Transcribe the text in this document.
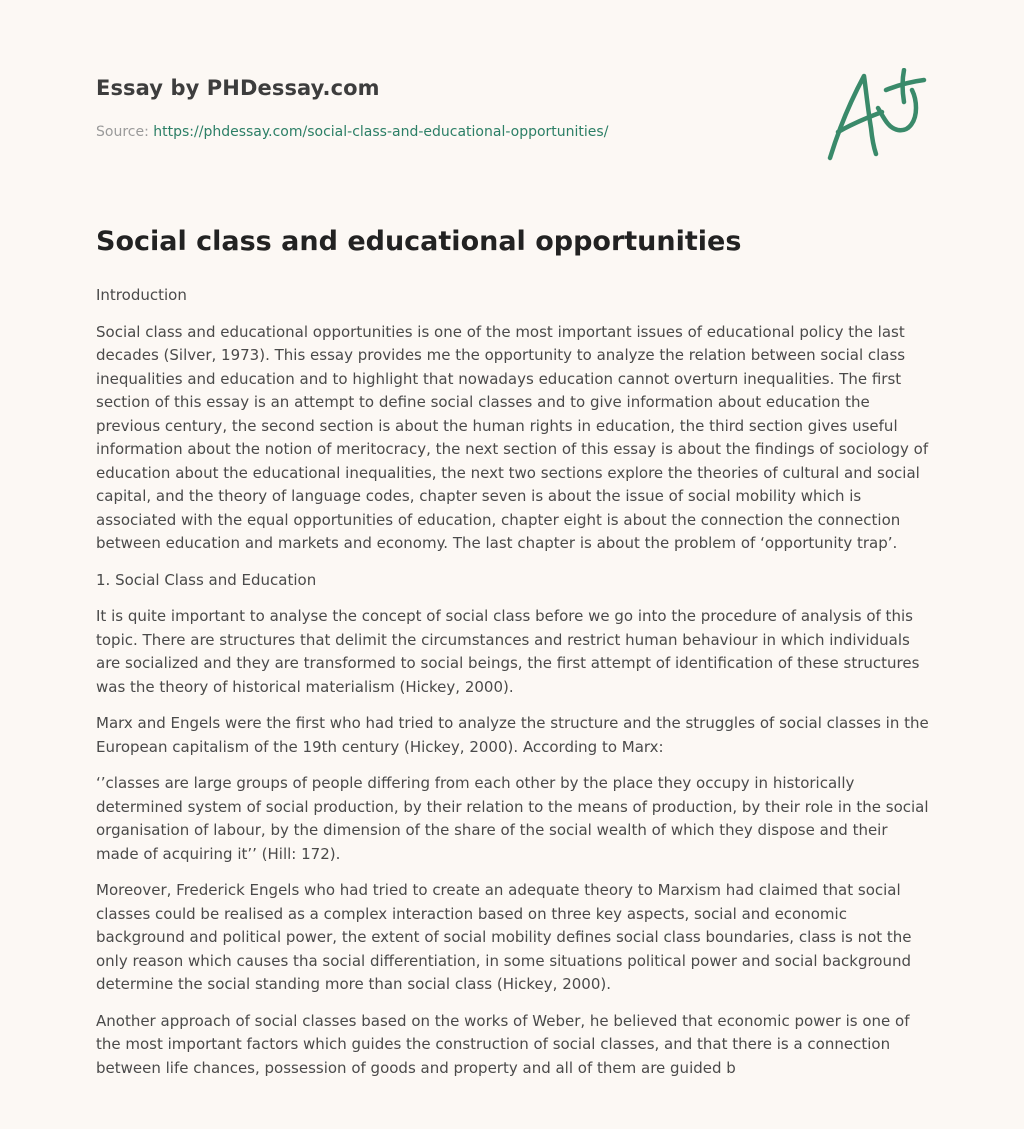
Essay by PHDessay.com
Source: https://phdessay.com/social-class-and-educational-opportunities/
Social class and educational opportunities

Introduction

Social class and educational opportunities is one of the most important issues of educational policy the last decades (Silver, 1973). This essay provides me the opportunity to analyze the relation between social class inequalities and education and to highlight that nowadays education cannot overturn inequalities. The first section of this essay is an attempt to define social classes and to give information about education the previous century, the second section is about the human rights in education, the third section gives useful information about the notion of meritocracy, the next section of this essay is about the findings of sociology of education about the educational inequalities, the next two sections explore the theories of cultural and social capital, and the theory of language codes, chapter seven is about the issue of social mobility which is associated with the equal opportunities of education, chapter eight is about the connection the connection between education and markets and economy. The last chapter is about the problem of ‘opportunity trap’.

1. Social Class and Education

It is quite important to analyse the concept of social class before we go into the procedure of analysis of this topic. There are structures that delimit the circumstances and restrict human behaviour in which individuals are socialized and they are transformed to social beings, the first attempt of identification of these structures was the theory of historical materialism (Hickey, 2000).

Marx and Engels were the first who had tried to analyze the structure and the struggles of social classes in the European capitalism of the 19th century (Hickey, 2000). According to Marx:

‘’classes are large groups of people differing from each other by the place they occupy in historically determined system of social production, by their relation to the means of production, by their role in the social organisation of labour, by the dimension of the share of the social wealth of which they dispose and their made of acquiring it’’ (Hill: 172).

Moreover, Frederick Engels who had tried to create an adequate theory to Marxism had claimed that social classes could be realised as a complex interaction based on three key aspects, social and economic background and political power, the extent of social mobility defines social class boundaries, class is not the only reason which causes tha social differentiation, in some situations political power and social background determine the social standing more than social class (Hickey, 2000).

Another approach of social classes based on the works of Weber, he believed that economic power is one of the most important factors which guides the construction of social classes, and that there is a connection between life chances, possession of goods and property and all of them are guided b
